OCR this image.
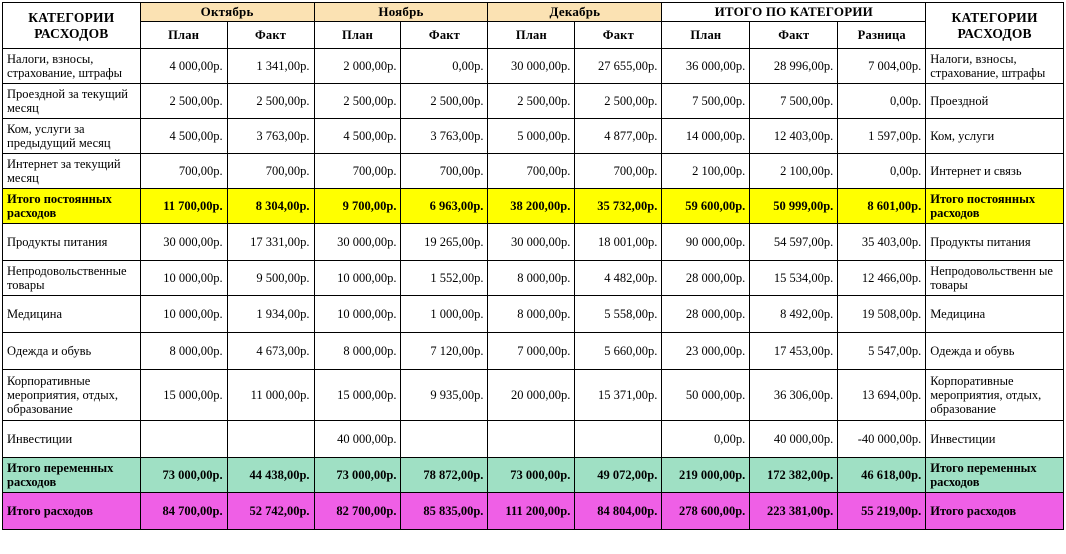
КАТЕГОРИИ РАСХОДОВ	Октябрь		Ноябрь		Декабрь		ИТОГО ПО КАТЕГОРИИ			КАТЕГОРИИ РАСХОДОВ
	План	Факт	План	Факт	План	Факт	План	Факт	Разница	
Налоги, взносы, страхование, штрафы	4 000,00р.	1 341,00р.	2 000,00р.	0,00р.	30 000,00р.	27 655,00р.	36 000,00р.	28 996,00р.	7 004,00р.	Налоги, взносы, страхование, штрафы
Проездной за текущий месяц	2 500,00р.	2 500,00р.	2 500,00р.	2 500,00р.	2 500,00р.	2 500,00р.	7 500,00р.	7 500,00р.	0,00р.	Проездной
Ком, услуги за предыдущий месяц	4 500,00р.	3 763,00р.	4 500,00р.	3 763,00р.	5 000,00р.	4 877,00р.	14 000,00р.	12 403,00р.	1 597,00р.	Ком, услуги
Интернет за текущий месяц	700,00р.	700,00р.	700,00р.	700,00р.	700,00р.	700,00р.	2 100,00р.	2 100,00р.	0,00р.	Интернет и связь
Итого постоянных расходов	11 700,00р.	8 304,00р.	9 700,00р.	6 963,00р.	38 200,00р.	35 732,00р.	59 600,00р.	50 999,00р.	8 601,00р.	Итого постоянных расходов
Продукты питания	30 000,00р.	17 331,00р.	30 000,00р.	19 265,00р.	30 000,00р.	18 001,00р.	90 000,00р.	54 597,00р.	35 403,00р.	Продукты питания
Непродовольственные товары	10 000,00р.	9 500,00р.	10 000,00р.	1 552,00р.	8 000,00р.	4 482,00р.	28 000,00р.	15 534,00р.	12 466,00р.	Непродовольственн ые товары
Медицина	10 000,00р.	1 934,00р.	10 000,00р.	1 000,00р.	8 000,00р.	5 558,00р.	28 000,00р.	8 492,00р.	19 508,00р.	Медицина
Одежда и обувь	8 000,00р.	4 673,00р.	8 000,00р.	7 120,00р.	7 000,00р.	5 660,00р.	23 000,00р.	17 453,00р.	5 547,00р.	Одежда и обувь
Корпоративные мероприятия, отдых, образование	15 000,00р.	11 000,00р.	15 000,00р.	9 935,00р.	20 000,00р.	15 371,00р.	50 000,00р.	36 306,00р.	13 694,00р.	Корпоративные мероприятия, отдых, образование
Инвестиции			40 000,00р.				0,00р.	40 000,00р.	-40 000,00р.	Инвестиции
Итого переменных расходов	73 000,00р.	44 438,00р.	73 000,00р.	78 872,00р.	73 000,00р.	49 072,00р.	219 000,00р.	172 382,00р.	46 618,00р.	Итого переменных расходов
Итого расходов	84 700,00р.	52 742,00р.	82 700,00р.	85 835,00р.	111 200,00р.	84 804,00р.	278 600,00р.	223 381,00р.	55 219,00р.	Итого расходов
